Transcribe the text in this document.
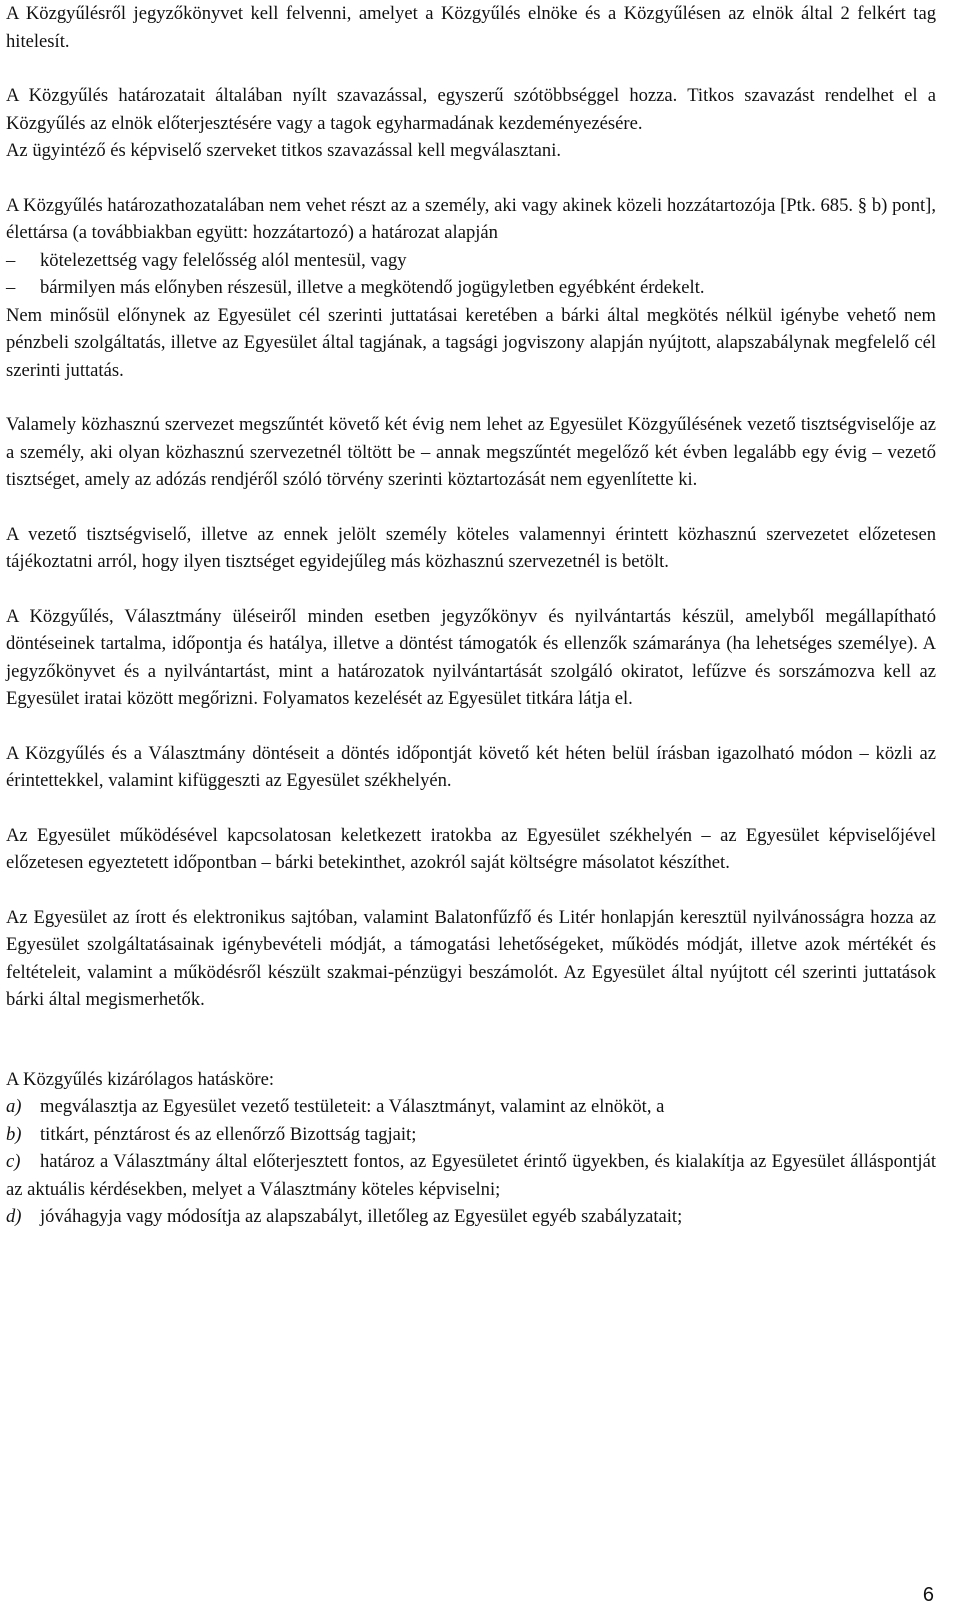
A Közgyűlésről jegyzőkönyvet kell felvenni, amelyet a Közgyűlés elnöke és a Közgyűlésen az elnök által 2 felkért tag hitelesít.

A Közgyűlés határozatait általában nyílt szavazással, egyszerű szótöbbséggel hozza. Titkos szavazást rendelhet el a Közgyűlés az elnök előterjesztésére vagy a tagok egyharmadának kezdeményezésére.

Az ügyintéző és képviselő szerveket titkos szavazással kell megválasztani.

A Közgyűlés határozathozatalában nem vehet részt az a személy, aki vagy akinek közeli hozzátartozója [Ptk. 685. § b) pont], élettársa (a továbbiakban együtt: hozzátartozó) a határozat alapján

–	kötelezettség vagy felelősség alól mentesül, vagy
–	bármilyen más előnyben részesül, illetve a megkötendő jogügyletben egyébként érdekelt.

Nem minősül előnynek az Egyesület cél szerinti juttatásai keretében a bárki által megkötés nélkül igénybe vehető nem pénzbeli szolgáltatás, illetve az Egyesület által tagjának, a tagsági jogviszony alapján nyújtott, alapszabálynak megfelelő cél szerinti juttatás.

Valamely közhasznú szervezet megszűntét követő két évig nem lehet az Egyesület Közgyűlésének vezető tisztségviselője az a személy, aki olyan közhasznú szervezetnél töltött be – annak megszűntét megelőző két évben legalább egy évig – vezető tisztséget, amely az adózás rendjéről szóló törvény szerinti köztartozását nem egyenlítette ki.

A vezető tisztségviselő, illetve az ennek jelölt személy köteles valamennyi érintett közhasznú szervezetet előzetesen tájékoztatni arról, hogy ilyen tisztséget egyidejűleg más közhasznú szervezetnél is betölt.

A Közgyűlés, Választmány üléseiről minden esetben jegyzőkönyv és nyilvántartás készül, amelyből megállapítható döntéseinek tartalma, időpontja és hatálya, illetve a döntést támogatók és ellenzők számaránya (ha lehetséges személye). A jegyzőkönyvet és a nyilvántartást, mint a határozatok nyilvántartását szolgáló okiratot, lefűzve és sorszámozva kell az Egyesület iratai között megőrizni. Folyamatos kezelését az Egyesület titkára látja el.

A Közgyűlés és a Választmány döntéseit a döntés időpontját követő két héten belül írásban igazolható módon – közli az érintettekkel, valamint kifüggeszti az Egyesület székhelyén.

Az Egyesület működésével kapcsolatosan keletkezett iratokba az Egyesület székhelyén – az Egyesület képviselőjével előzetesen egyeztetett időpontban – bárki betekinthet, azokról saját költségre másolatot készíthet.

Az Egyesület az írott és elektronikus sajtóban, valamint Balatonfűzfő és Litér honlapján keresztül nyilvánosságra hozza az Egyesület szolgáltatásainak igénybevételi módját, a támogatási lehetőségeket, működés módját, illetve azok mértékét és feltételeit, valamint a működésről készült szakmai-pénzügyi beszámolót. Az Egyesület által nyújtott cél szerinti juttatások bárki által megismerhetők.

A Közgyűlés kizárólagos hatásköre:

a) megválasztja az Egyesület vezető testületeit: a Választmányt, valamint az elnököt, a
b) titkárt, pénztárost és az ellenőrző Bizottság tagjait;
c) határoz a Választmány által előterjesztett fontos, az Egyesületet érintő ügyekben, és kialakítja az Egyesület álláspontját az aktuális kérdésekben, melyet a Választmány köteles képviselni;
d) jóváhagyja vagy módosítja az alapszabályt, illetőleg az Egyesület egyéb szabályzatait;
6
